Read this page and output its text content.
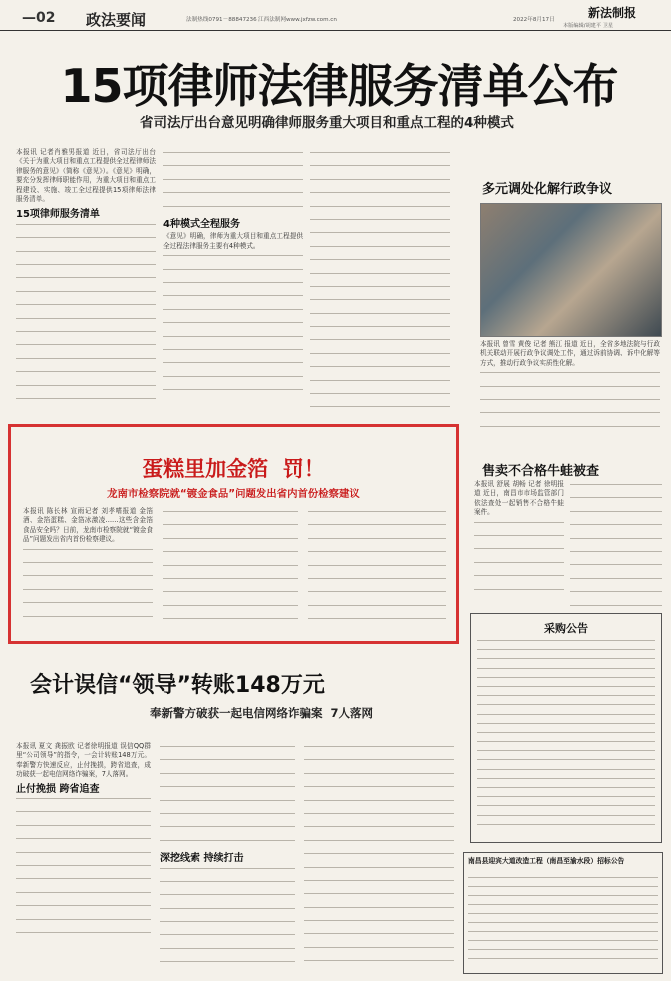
—02 政法要闻	法制热线0791－88847236 江西法制网www.jxfzw.com.cn	2022年8月17日
本版编辑/胡建平 卫星
新法制报
15项律师法律服务清单公布
省司法厅出台意见明确律师服务重大项目和重点工程的4种模式
本报讯 记者肖雅男报道 近日，省司法厅出台《关于为重大项目和重点工程提供全过程律师法律服务的意见》（简称《意见》）。《意见》明确，要充分发挥律师职能作用，为重大项目和重点工程建设、实施、竣工全过程提供15项律师法律服务清单。
15项律师服务清单
4种模式全程服务
《意见》明确，律师为重大项目和重点工程提供全过程法律服务主要有4种模式。
多元调处化解行政争议
本报讯 曾雪 黄俊 记者 熊江 报道 近日，全省多地法院与行政机关联动开展行政争议调处工作，通过诉前协调、诉中化解等方式，推动行政争议实质性化解。
蛋糕里加金箔  罚！
龙南市检察院就“镀金食品”问题发出省内首份检察建议
本报讯 陈长林 宣雨记者 刘孝嗜报道 金箔酒、金箔蛋糕、金箔冰激凌……这些含金箔食品安全吗？日前，龙南市检察院就“镀金食品”问题发出省内首份检察建议。
售卖不合格牛蛙被查
本报讯 舒展 胡畅 记者 徐明报道 近日，南昌市市场监管部门依法查处一起销售不合格牛蛙案件。
采购公告
会计误信“领导”转账148万元
奉新警方破获一起电信网络诈骗案  7人落网
本报讯 夏文 龚振欧 记者徐明报道 误信QQ群里“公司领导”的指令，一会计转账148万元。奉新警方快速反应，止付挽损，跨省追查，成功破获一起电信网络诈骗案，7人落网。
止付挽损 跨省追查
深挖线索 持续打击	南昌县迎宾大道改造工程（南昌至渝水段）招标公告
